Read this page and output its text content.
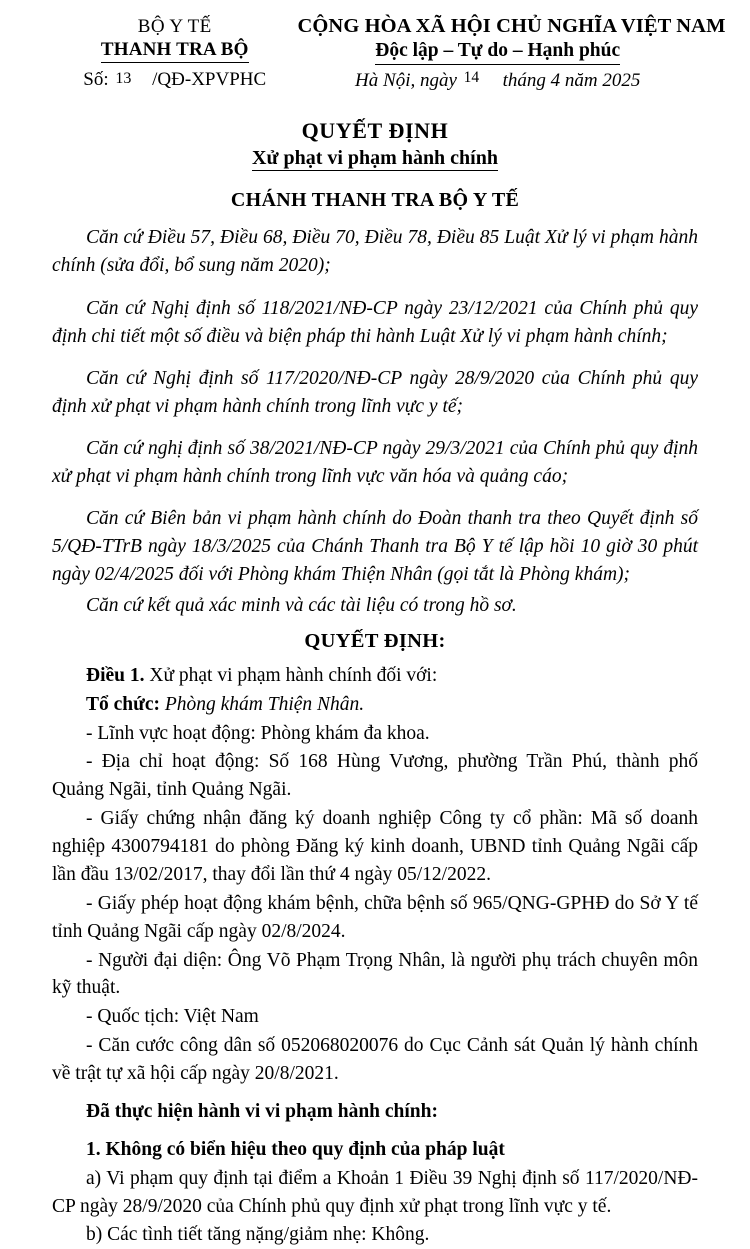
BỘ Y TẾ
THANH TRA BỘ
Số: 13 /QĐ-XPVPHC
CỘNG HÒA XÃ HỘI CHỦ NGHĨA VIỆT NAM
Độc lập – Tự do – Hạnh phúc
Hà Nội, ngày $^{14}$ tháng 4 năm 2025
QUYẾT ĐỊNH
Xử phạt vi phạm hành chính
CHÁNH THANH TRA BỘ Y TẾ
Căn cứ Điều 57, Điều 68, Điều 70, Điều 78, Điều 85 Luật Xử lý vi phạm hành chính (sửa đổi, bổ sung năm 2020);
Căn cứ Nghị định số 118/2021/NĐ-CP ngày 23/12/2021 của Chính phủ quy định chi tiết một số điều và biện pháp thi hành Luật Xử lý vi phạm hành chính;
Căn cứ Nghị định số 117/2020/NĐ-CP ngày 28/9/2020 của Chính phủ quy định xử phạt vi phạm hành chính trong lĩnh vực y tế;
Căn cứ nghị định số 38/2021/NĐ-CP ngày 29/3/2021 của Chính phủ quy định xử phạt vi phạm hành chính trong lĩnh vực văn hóa và quảng cáo;
Căn cứ Biên bản vi phạm hành chính do Đoàn thanh tra theo Quyết định số 5/QĐ-TTrB ngày 18/3/2025 của Chánh Thanh tra Bộ Y tế lập hồi 10 giờ 30 phút ngày 02/4/2025 đối với Phòng khám Thiện Nhân (gọi tắt là Phòng khám);
Căn cứ kết quả xác minh và các tài liệu có trong hồ sơ.
QUYẾT ĐỊNH:
Điều 1. Xử phạt vi phạm hành chính đối với:
Tổ chức: Phòng khám Thiện Nhân.
- Lĩnh vực hoạt động: Phòng khám đa khoa.
- Địa chỉ hoạt động: Số 168 Hùng Vương, phường Trần Phú, thành phố Quảng Ngãi, tỉnh Quảng Ngãi.
- Giấy chứng nhận đăng ký doanh nghiệp Công ty cổ phần: Mã số doanh nghiệp 4300794181 do phòng Đăng ký kinh doanh, UBND tỉnh Quảng Ngãi cấp lần đầu 13/02/2017, thay đổi lần thứ 4 ngày 05/12/2022.
- Giấy phép hoạt động khám bệnh, chữa bệnh số 965/QNG-GPHĐ do Sở Y tế tỉnh Quảng Ngãi cấp ngày 02/8/2024.
- Người đại diện: Ông Võ Phạm Trọng Nhân, là người phụ trách chuyên môn kỹ thuật.
- Quốc tịch: Việt Nam
- Căn cước công dân số 052068020076 do Cục Cảnh sát Quản lý hành chính về trật tự xã hội cấp ngày 20/8/2021.
Đã thực hiện hành vi vi phạm hành chính:
1. Không có biển hiệu theo quy định của pháp luật
a) Vi phạm quy định tại điểm a Khoản 1 Điều 39 Nghị định số 117/2020/NĐ-CP ngày 28/9/2020 của Chính phủ quy định xử phạt trong lĩnh vực y tế.
b) Các tình tiết tăng nặng/giảm nhẹ: Không.
